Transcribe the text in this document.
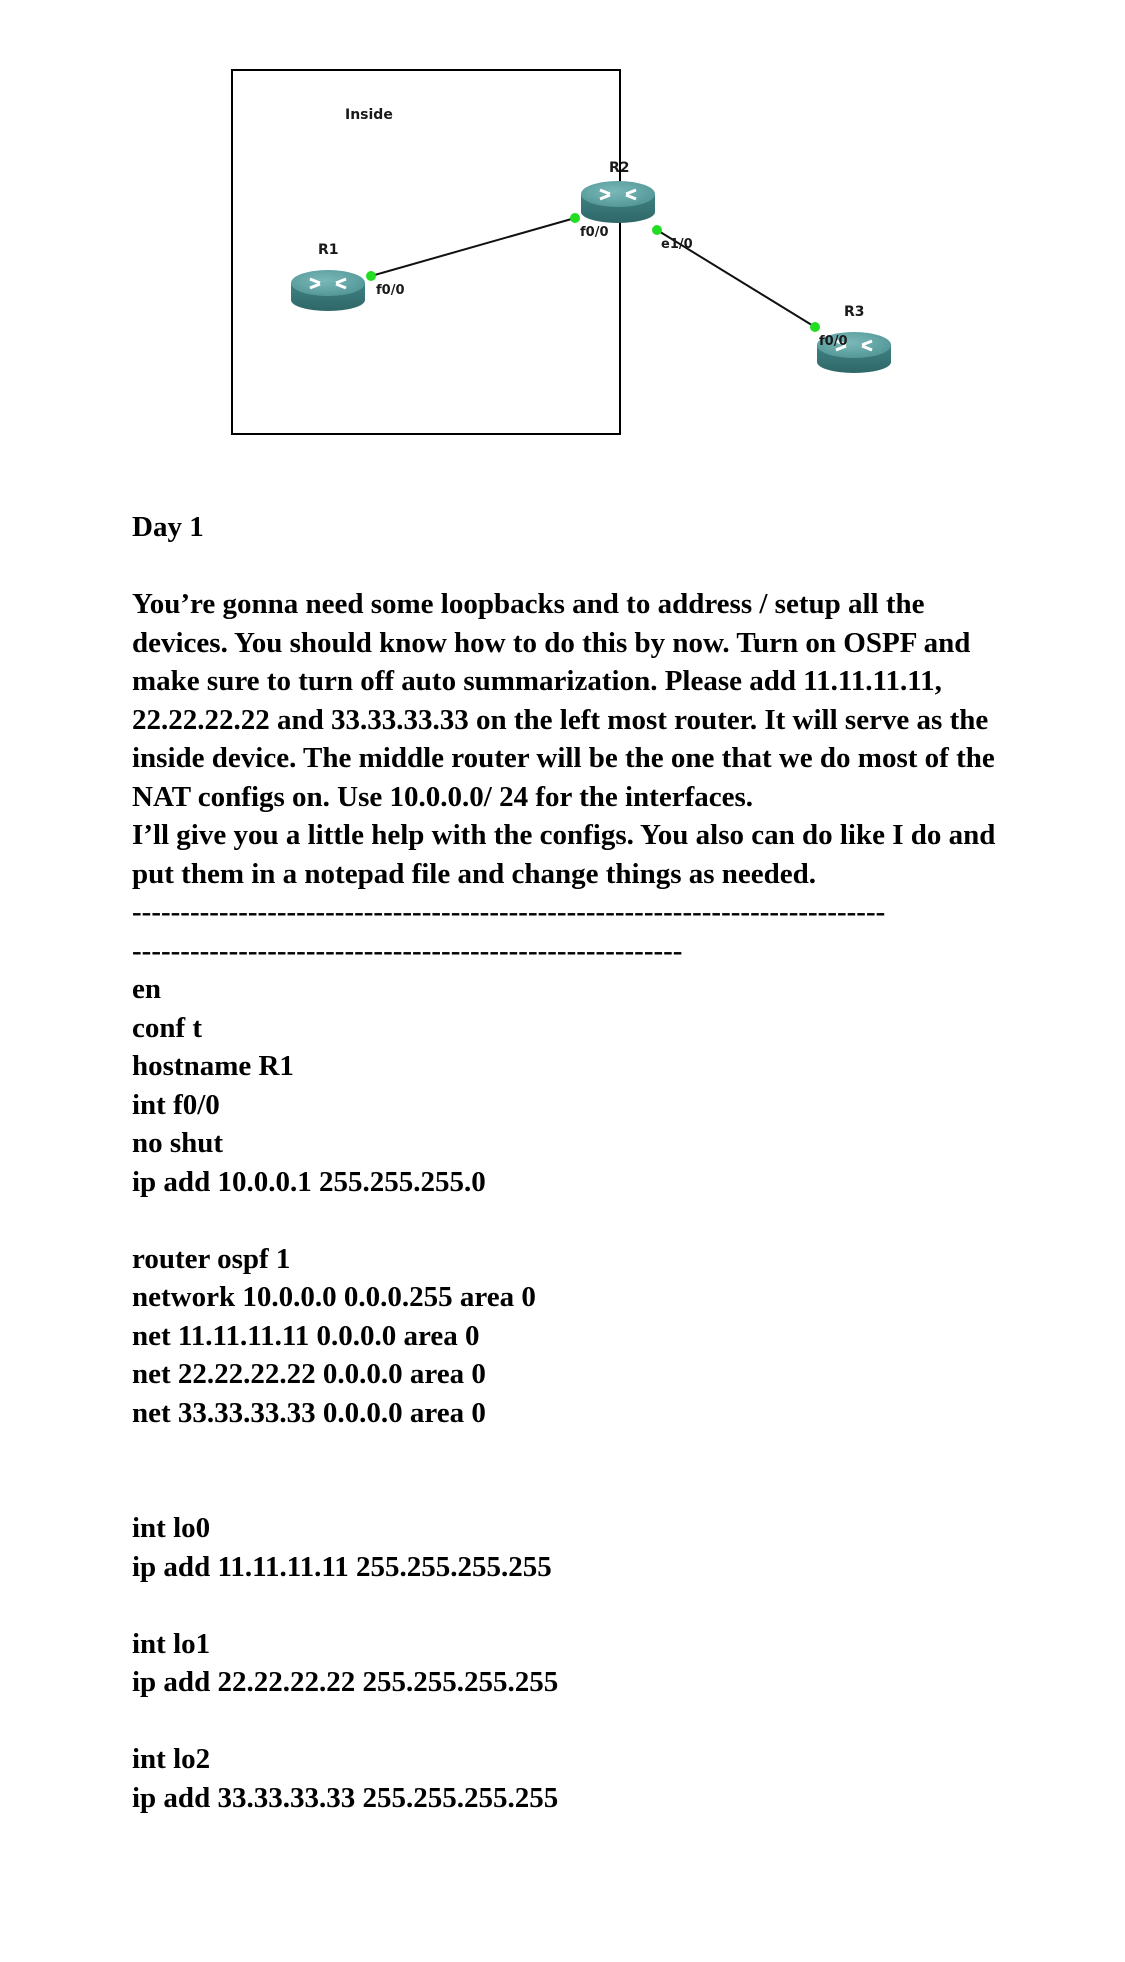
Inside
R1
R2
R3
f0/0
f0/0
e1/0
f0/0
Day 1
You’re gonna need some loopbacks and to address / setup all the devices. You should know how to do this by now. Turn on OSPF and make sure to turn off auto summarization. Please add 11.11.11.11, 22.22.22.22 and 33.33.33.33 on the left most router. It will serve as the inside device. The middle router will be the one that we do most of the NAT configs on. Use 10.0.0.0/ 24 for the interfaces.
I’ll give you a little help with the configs. You also can do like I do and put them in a notepad file and change things as needed.
------------------------------------------------------------------------------
---------------------------------------------------------
en
conf t
hostname R1
int f0/0
no shut
ip add 10.0.0.1 255.255.255.0
router ospf 1
network 10.0.0.0 0.0.0.255 area 0
net 11.11.11.11 0.0.0.0 area 0
net 22.22.22.22 0.0.0.0 area 0
net 33.33.33.33 0.0.0.0 area 0
int lo0
ip add 11.11.11.11 255.255.255.255
int lo1
ip add 22.22.22.22 255.255.255.255
int lo2
ip add 33.33.33.33 255.255.255.255
